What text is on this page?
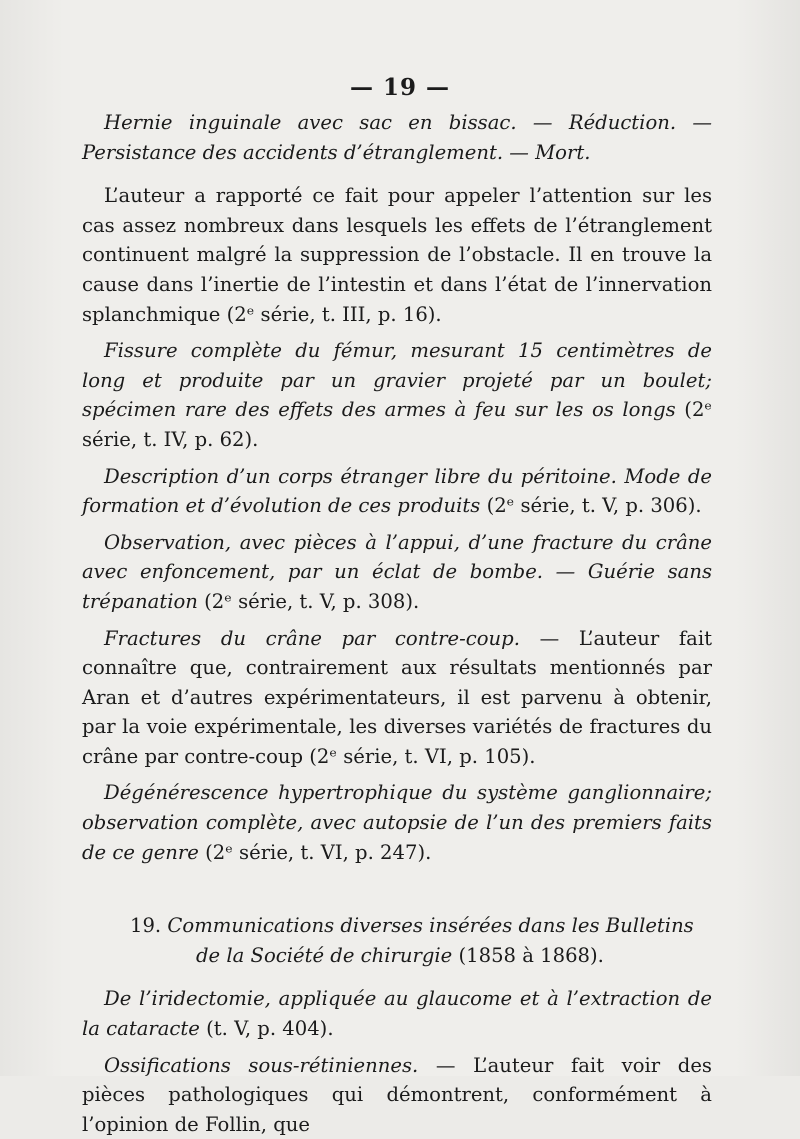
— 19 —

Hernie inguinale avec sac en bissac. — Réduction. — Persistance des accidents d’étranglement. — Mort.

L’auteur a rapporté ce fait pour appeler l’attention sur les cas assez nombreux dans lesquels les effets de l’étranglement continuent malgré la suppression de l’obstacle. Il en trouve la cause dans l’inertie de l’intestin et dans l’état de l’innervation splanchmique (2ᵉ série, t. III, p. 16).

Fissure complète du fémur, mesurant 15 centimètres de long et produite par un gravier projeté par un boulet; spécimen rare des effets des armes à feu sur les os longs (2ᵉ série, t. IV, p. 62).

Description d’un corps étranger libre du péritoine. Mode de formation et d’évolution de ces produits (2ᵉ série, t. V, p. 306).

Observation, avec pièces à l’appui, d’une fracture du crâne avec enfoncement, par un éclat de bombe. — Guérie sans trépanation (2ᵉ série, t. V, p. 308).

Fractures du crâne par contre-coup. — L’auteur fait connaître que, contrairement aux résultats mentionnés par Aran et d’autres expérimentateurs, il est parvenu à obtenir, par la voie expérimentale, les diverses variétés de fractures du crâne par contre-coup (2ᵉ série, t. VI, p. 105).

Dégénérescence hypertrophique du système ganglionnaire; observation complète, avec autopsie de l’un des premiers faits de ce genre (2ᵉ série, t. VI, p. 247).

19. Communications diverses insérées dans les Bulletins
de la Société de chirurgie (1858 à 1868).

De l’iridectomie, appliquée au glaucome et à l’extraction de la cataracte (t. V, p. 404).

Ossifications sous-rétiniennes. — L’auteur fait voir des pièces pathologiques qui démontrent, conformément à l’opinion de Follin, que
